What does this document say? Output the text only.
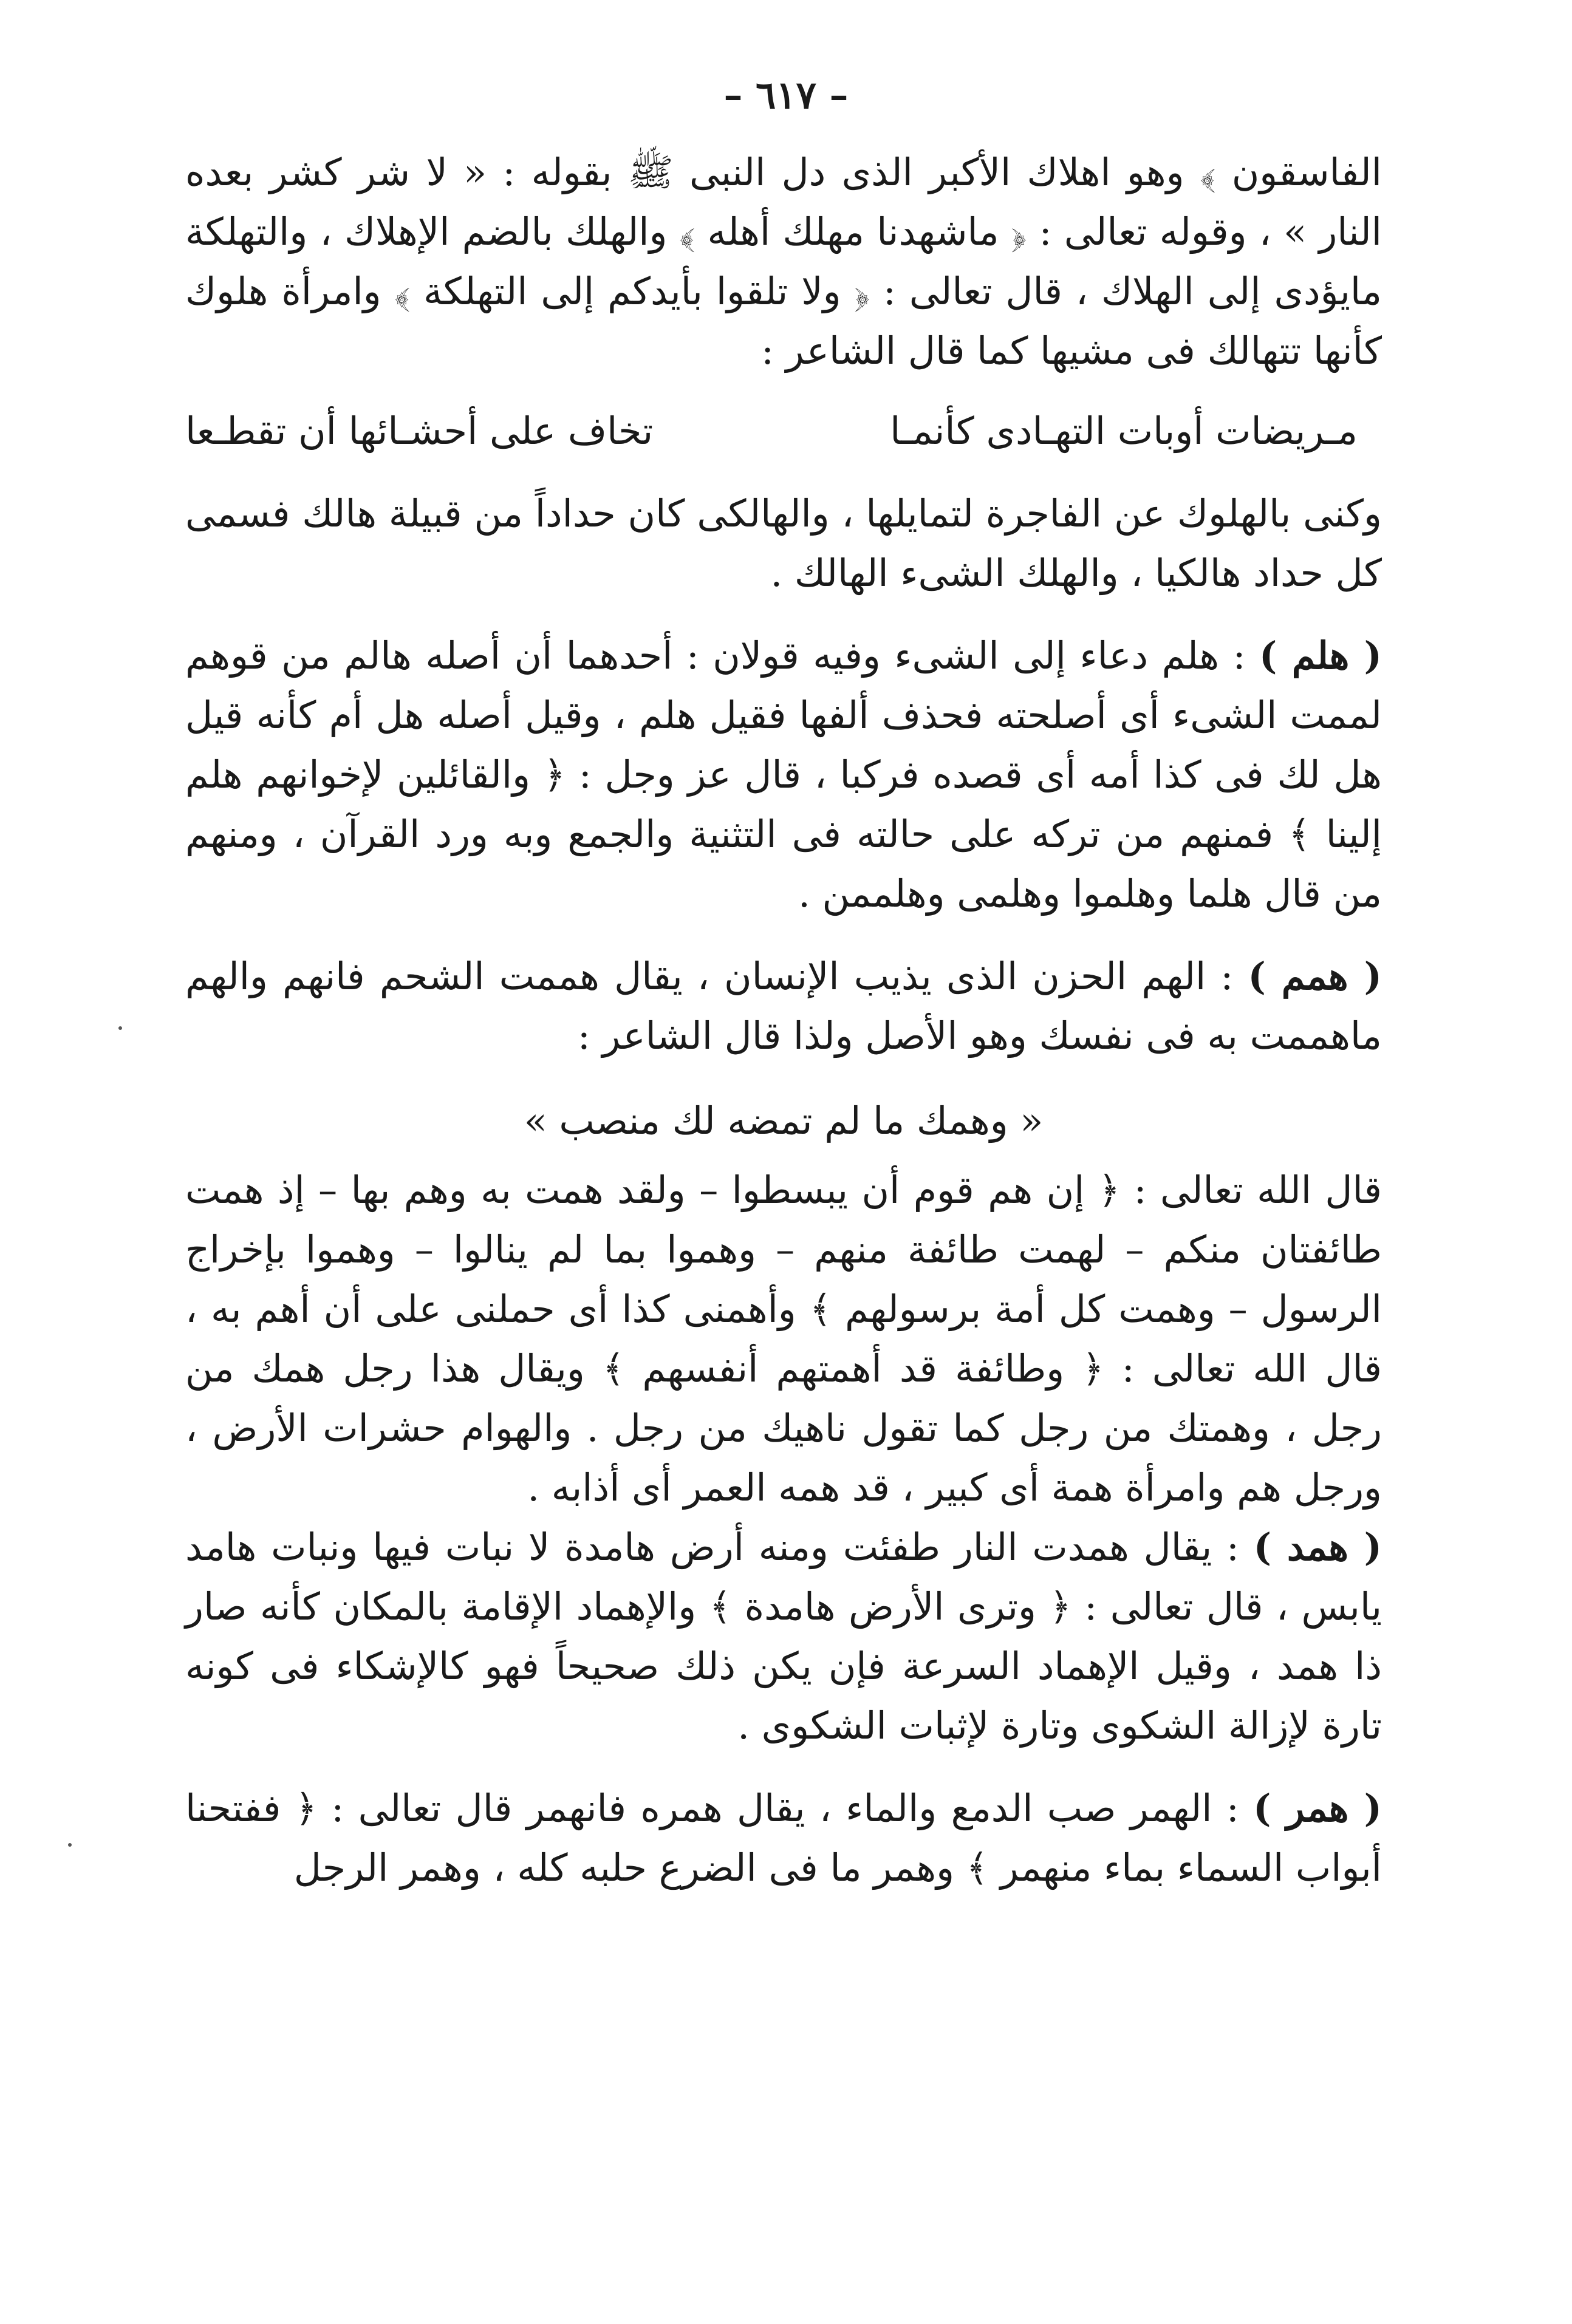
– ٦١٧ –

الفاسقون ﴾ وهو اهلاك الأكبر الذى دل النبى ﷺ بقوله : « لا شر كشر بعده النار » ، وقوله تعالى : ﴿ ماشهدنا مهلك أهله ﴾ والهلك بالضم الإهلاك ، والتهلكة مايؤدى إلى الهلاك ، قال تعالى : ﴿ ولا تلقوا بأيدكم إلى التهلكة ﴾ وامرأة هلوك كأنها تتهالك فى مشيها كما قال الشاعر :

مـريضات أوبات التهـادى كأنمـا
تخاف على أحشـائها أن تقطـعا

وكنى بالهلوك عن الفاجرة لتمايلها ، والهالكى كان حداداً من قبيلة هالك فسمى كل حداد هالكيا ، والهلك الشىء الهالك .

( هلم ) : هلم دعاء إلى الشىء وفيه قولان : أحدهما أن أصله هالم من قوهم لممت الشىء أى أصلحته فحذف ألفها فقيل هلم ، وقيل أصله هل أم كأنه قيل هل لك فى كذا أمه أى قصده فركبا ، قال عز وجل : ﴿ والقائلين لإخوانهم هلم إلينا ﴾ فمنهم من تركه على حالته فى التثنية والجمع وبه ورد القرآن ، ومنهم من قال هلما وهلموا وهلمى وهلممن .

( همم ) : الهم الحزن الذى يذيب الإنسان ، يقال هممت الشحم فانهم والهم ماهممت به فى نفسك وهو الأصل ولذا قال الشاعر :

« وهمك ما لم تمضه لك منصب »

قال الله تعالى : ﴿ إن هم قوم أن يبسطوا – ولقد همت به وهم بها – إذ همت طائفتان منكم – لهمت طائفة منهم – وهموا بما لم ينالوا – وهموا بإخراج الرسول – وهمت كل أمة برسولهم ﴾ وأهمنى كذا أى حملنى على أن أهم به ، قال الله تعالى : ﴿ وطائفة قد أهمتهم أنفسهم ﴾ ويقال هذا رجل همك من رجل ، وهمتك من رجل كما تقول ناهيك من رجل . والهوام حشرات الأرض ، ورجل هم وامرأة همة أى كبير ، قد همه العمر أى أذابه .

( همد ) : يقال همدت النار طفئت ومنه أرض هامدة لا نبات فيها ونبات هامد يابس ، قال تعالى : ﴿ وترى الأرض هامدة ﴾ والإهماد الإقامة بالمكان كأنه صار ذا همد ، وقيل الإهماد السرعة فإن يكن ذلك صحيحاً فهو كالإشكاء فى كونه تارة لإزالة الشكوى وتارة لإثبات الشكوى .

( همر ) : الهمر صب الدمع والماء ، يقال همره فانهمر قال تعالى : ﴿ ففتحنا أبواب السماء بماء منهمر ﴾ وهمر ما فى الضرع حلبه كله ، وهمر الرجل
